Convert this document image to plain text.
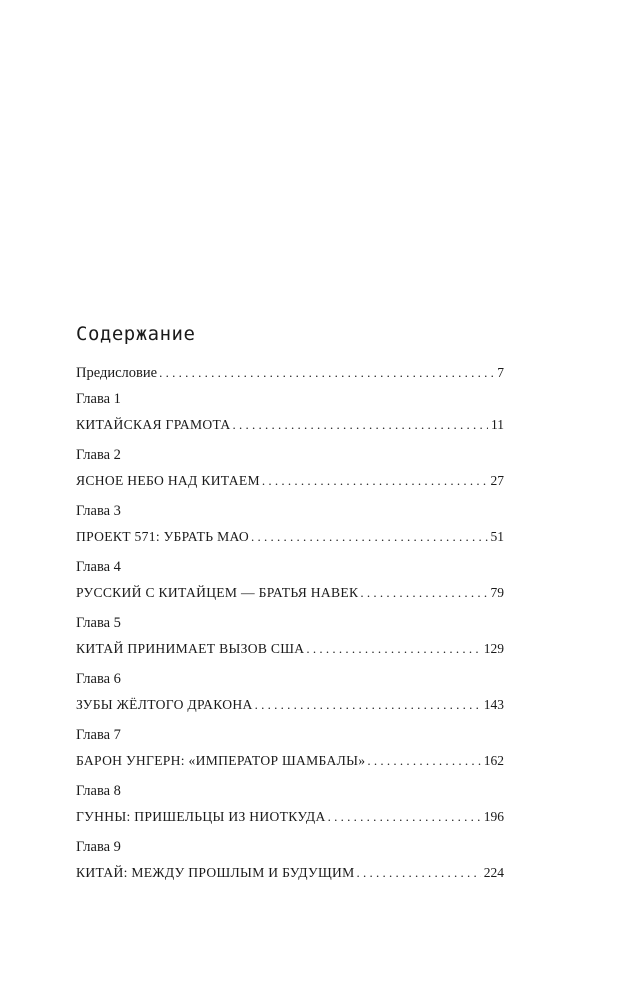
Содержание
Предисловие . . .	7
Глава 1
КИТАЙСКАЯ ГРАМОТА . . .	11
Глава 2
ЯСНОЕ НЕБО НАД КИТАЕМ . . .	27
Глава 3
ПРОЕКТ 571: УБРАТЬ МАО . . .	51
Глава 4
РУССКИЙ С КИТАЙЦЕМ — БРАТЬЯ НАВЕК . . .	79
Глава 5
КИТАЙ ПРИНИМАЕТ ВЫЗОВ США . . .	129
Глава 6
ЗУБЫ ЖЁЛТОГО ДРАКОНА . . .	143
Глава 7
БАРОН УНГЕРН: «ИМПЕРАТОР ШАМБАЛЫ» . . .	162
Глава 8
ГУННЫ: ПРИШЕЛЬЦЫ ИЗ НИОТКУДА . . .	196
Глава 9
КИТАЙ: МЕЖДУ ПРОШЛЫМ И БУДУЩИМ . . .	224
